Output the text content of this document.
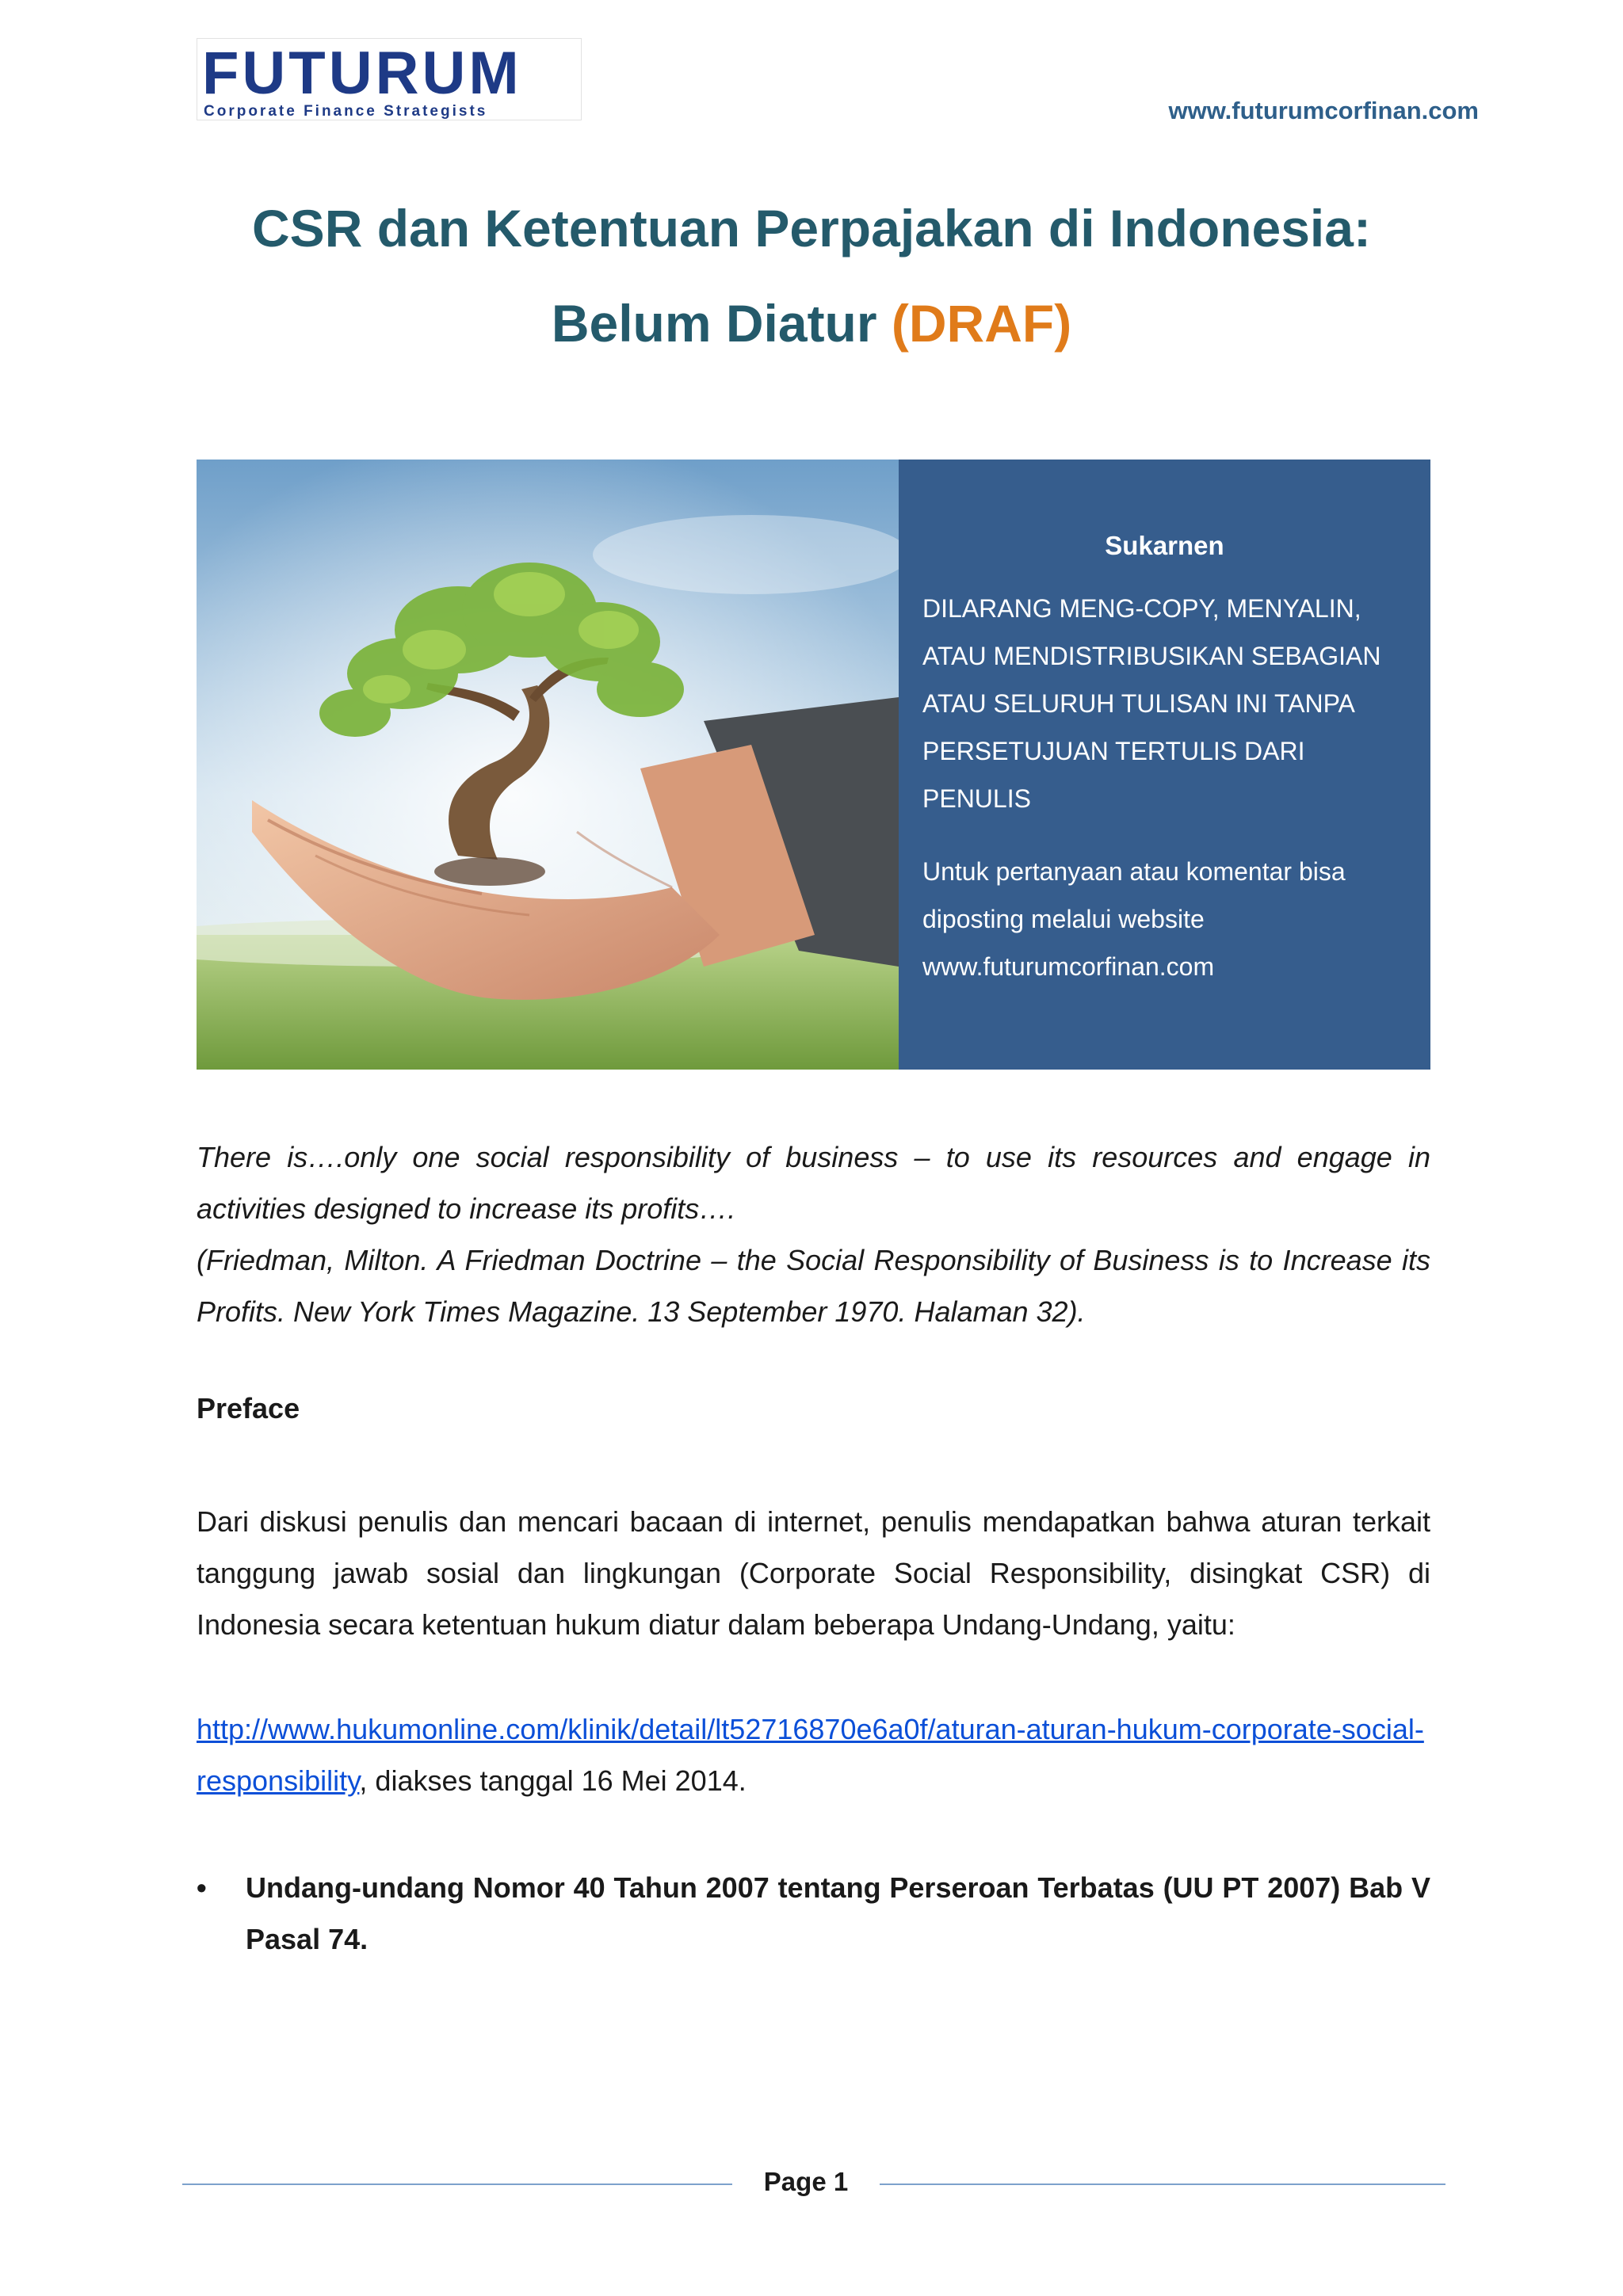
FUTURUM
Corporate Finance Strategists	www.futurumcorfinan.com
CSR dan Ketentuan Perpajakan di Indonesia:
Belum Diatur (DRAF)
Sukarnen
DILARANG MENG-COPY, MENYALIN, ATAU MENDISTRIBUSIKAN SEBAGIAN ATAU SELURUH TULISAN INI TANPA PERSETUJUAN TERTULIS DARI PENULIS
Untuk pertanyaan atau komentar bisa diposting melalui website www.futurumcorfinan.com

There is….only one social responsibility of business – to use its resources and engage in activities designed to increase its profits….

(Friedman, Milton. A Friedman Doctrine – the Social Responsibility of Business is to Increase its Profits. New York Times Magazine. 13 September 1970. Halaman 32).

Preface
Dari diskusi penulis dan mencari bacaan di internet, penulis mendapatkan bahwa aturan terkait tanggung jawab sosial dan lingkungan (Corporate Social Responsibility, disingkat CSR) di Indonesia secara ketentuan hukum diatur dalam beberapa Undang-Undang, yaitu:
http://www.hukumonline.com/klinik/detail/lt52716870e6a0f/aturan-aturan-hukum-corporate-social-responsibility, diakses tanggal 16 Mei 2014.
• Undang-undang Nomor 40 Tahun 2007 tentang Perseroan Terbatas (UU PT 2007) Bab V Pasal 74.
Page 1
